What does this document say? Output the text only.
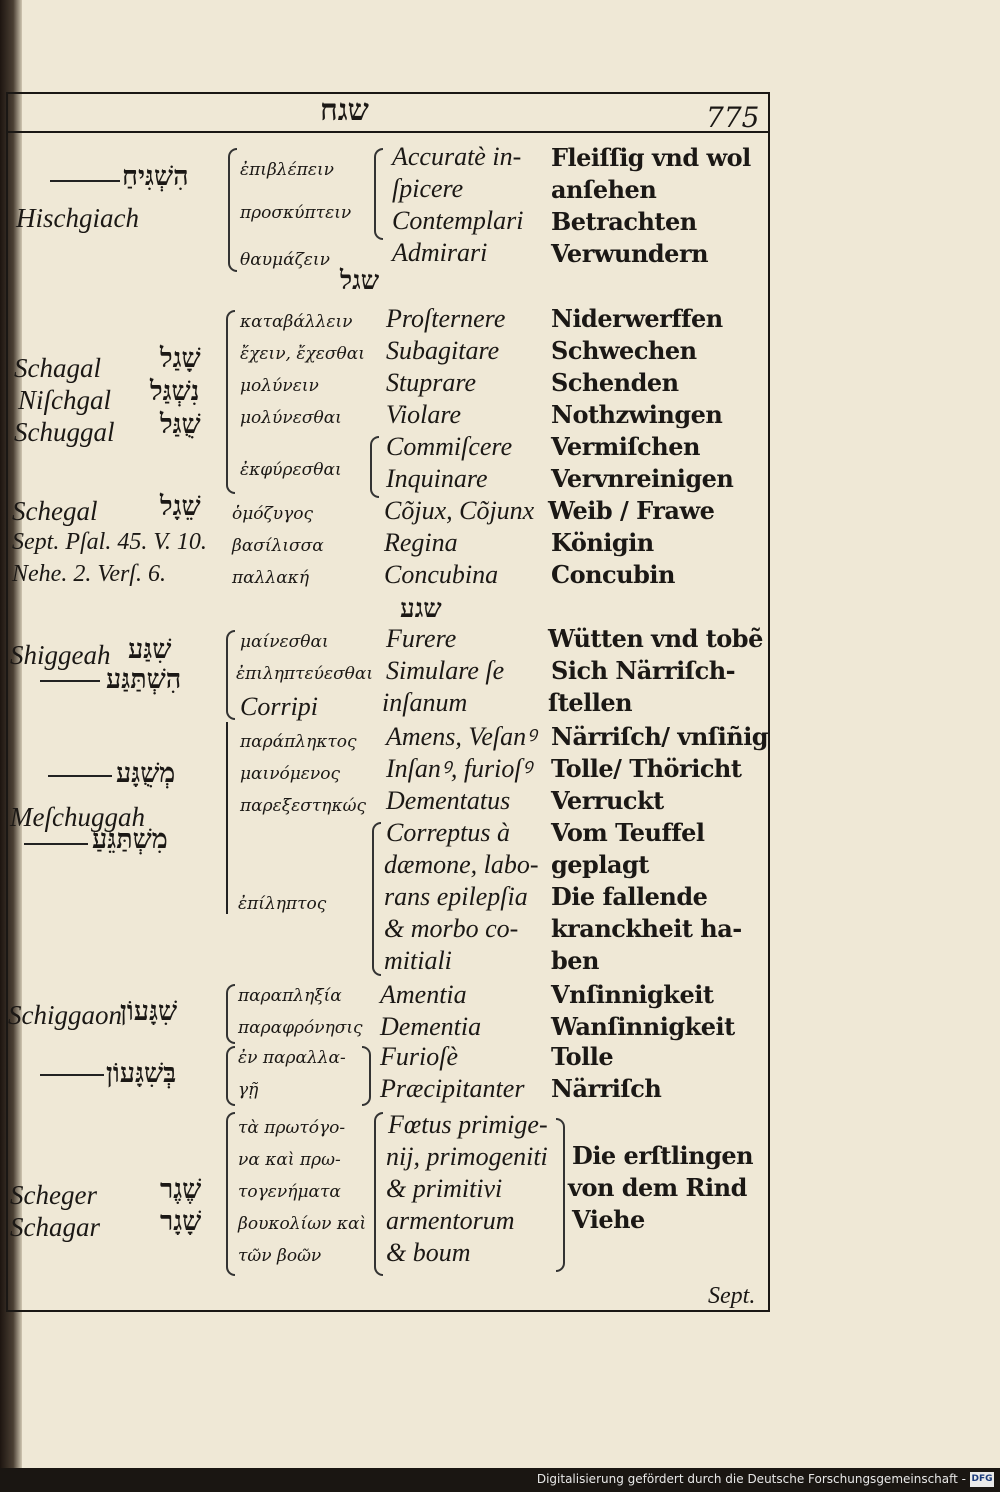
שגח	775
הִשְׁגִּיחַ
Hischgiach
ἐπιβλέπειν
προσκύπτειν
θαυμάζειν
Accuratè in-
ſpicere
Contemplari
Admirari
Fleiſſig vnd wol
anſehen
Betrachten
Verwundern
שגל
Schagal
Niſchgal
Schuggal
שָׁגַל
נִשְׁגַּל
שֻׁגַּל
καταβάλλειν
ἔχειν, ἔχεσθαι
μολύνειν
μολύνεσθαι
ἐκφύρεσθαι
Proſternere
Subagitare
Stuprare
Violare
Commiſcere
Inquinare
Niderwerffen
Schwechen
Schenden
Nothzwingen
Vermiſchen
Vervnreinigen
Schegal
Sept. Pſal. 45. V. 10.
Nehe. 2. Verſ. 6.
שֵׁגָל ὁμόζυγος
βασίλισσα
παλλακή
Cõjux, Cõjunx
Regina
Concubina
Weib / Frawe
Königin
Concubin
שגע
Shiggeah שִׁגַּע
הִשְׁתַּגַּע
μαίνεσθαι
ἐπιληπτεύεσθαι
Corripi
Furere
Simulare ſe
inſanum
Wütten vnd tobẽ
Sich Närriſch-
ſtellen
מְשֻׁגָּע
Meſchuggah
מִשְׁתַּגֵּעַ
παράπληκτος
μαινόμενος
παρεξεστηκώς
ἐπίληπτος
Amens, Veſanꝰ
Inſanꝰ, furioſꝰ
Dementatus
Correptus à
dæmone, labo-
rans epilepſia
& morbo co-
mitiali
Närriſch/ vnſiñig
Tolle/ Thöricht
Verruckt
Vom Teuffel
geplagt
Die fallende
kranckheit ha-
ben
Schiggaon
שִׁגָּעוֹן
בְּשִׁגָּעוֹן
παραπληξία
παραφρόνησις
ἐν παραλλα-
γῇ
Amentia
Dementia
Furioſè
Præcipitanter
Vnſinnigkeit
Wanſinnigkeit
Tolle
Närriſch
Scheger
Schagar
שֶׁגֶר
שָׁגָר
τὰ πρωτόγο-
να καὶ πρω-
τογενήματα
βουκολίων καὶ
τῶν βοῶν
Fœtus primige-
nij, primogeniti
& primitivi
armentorum
& boum
Die erſtlingen
von dem Rind
Viehe
Sept.
Digitalisierung gefördert durch die Deutsche Forschungsgemeinschaft - DFG
